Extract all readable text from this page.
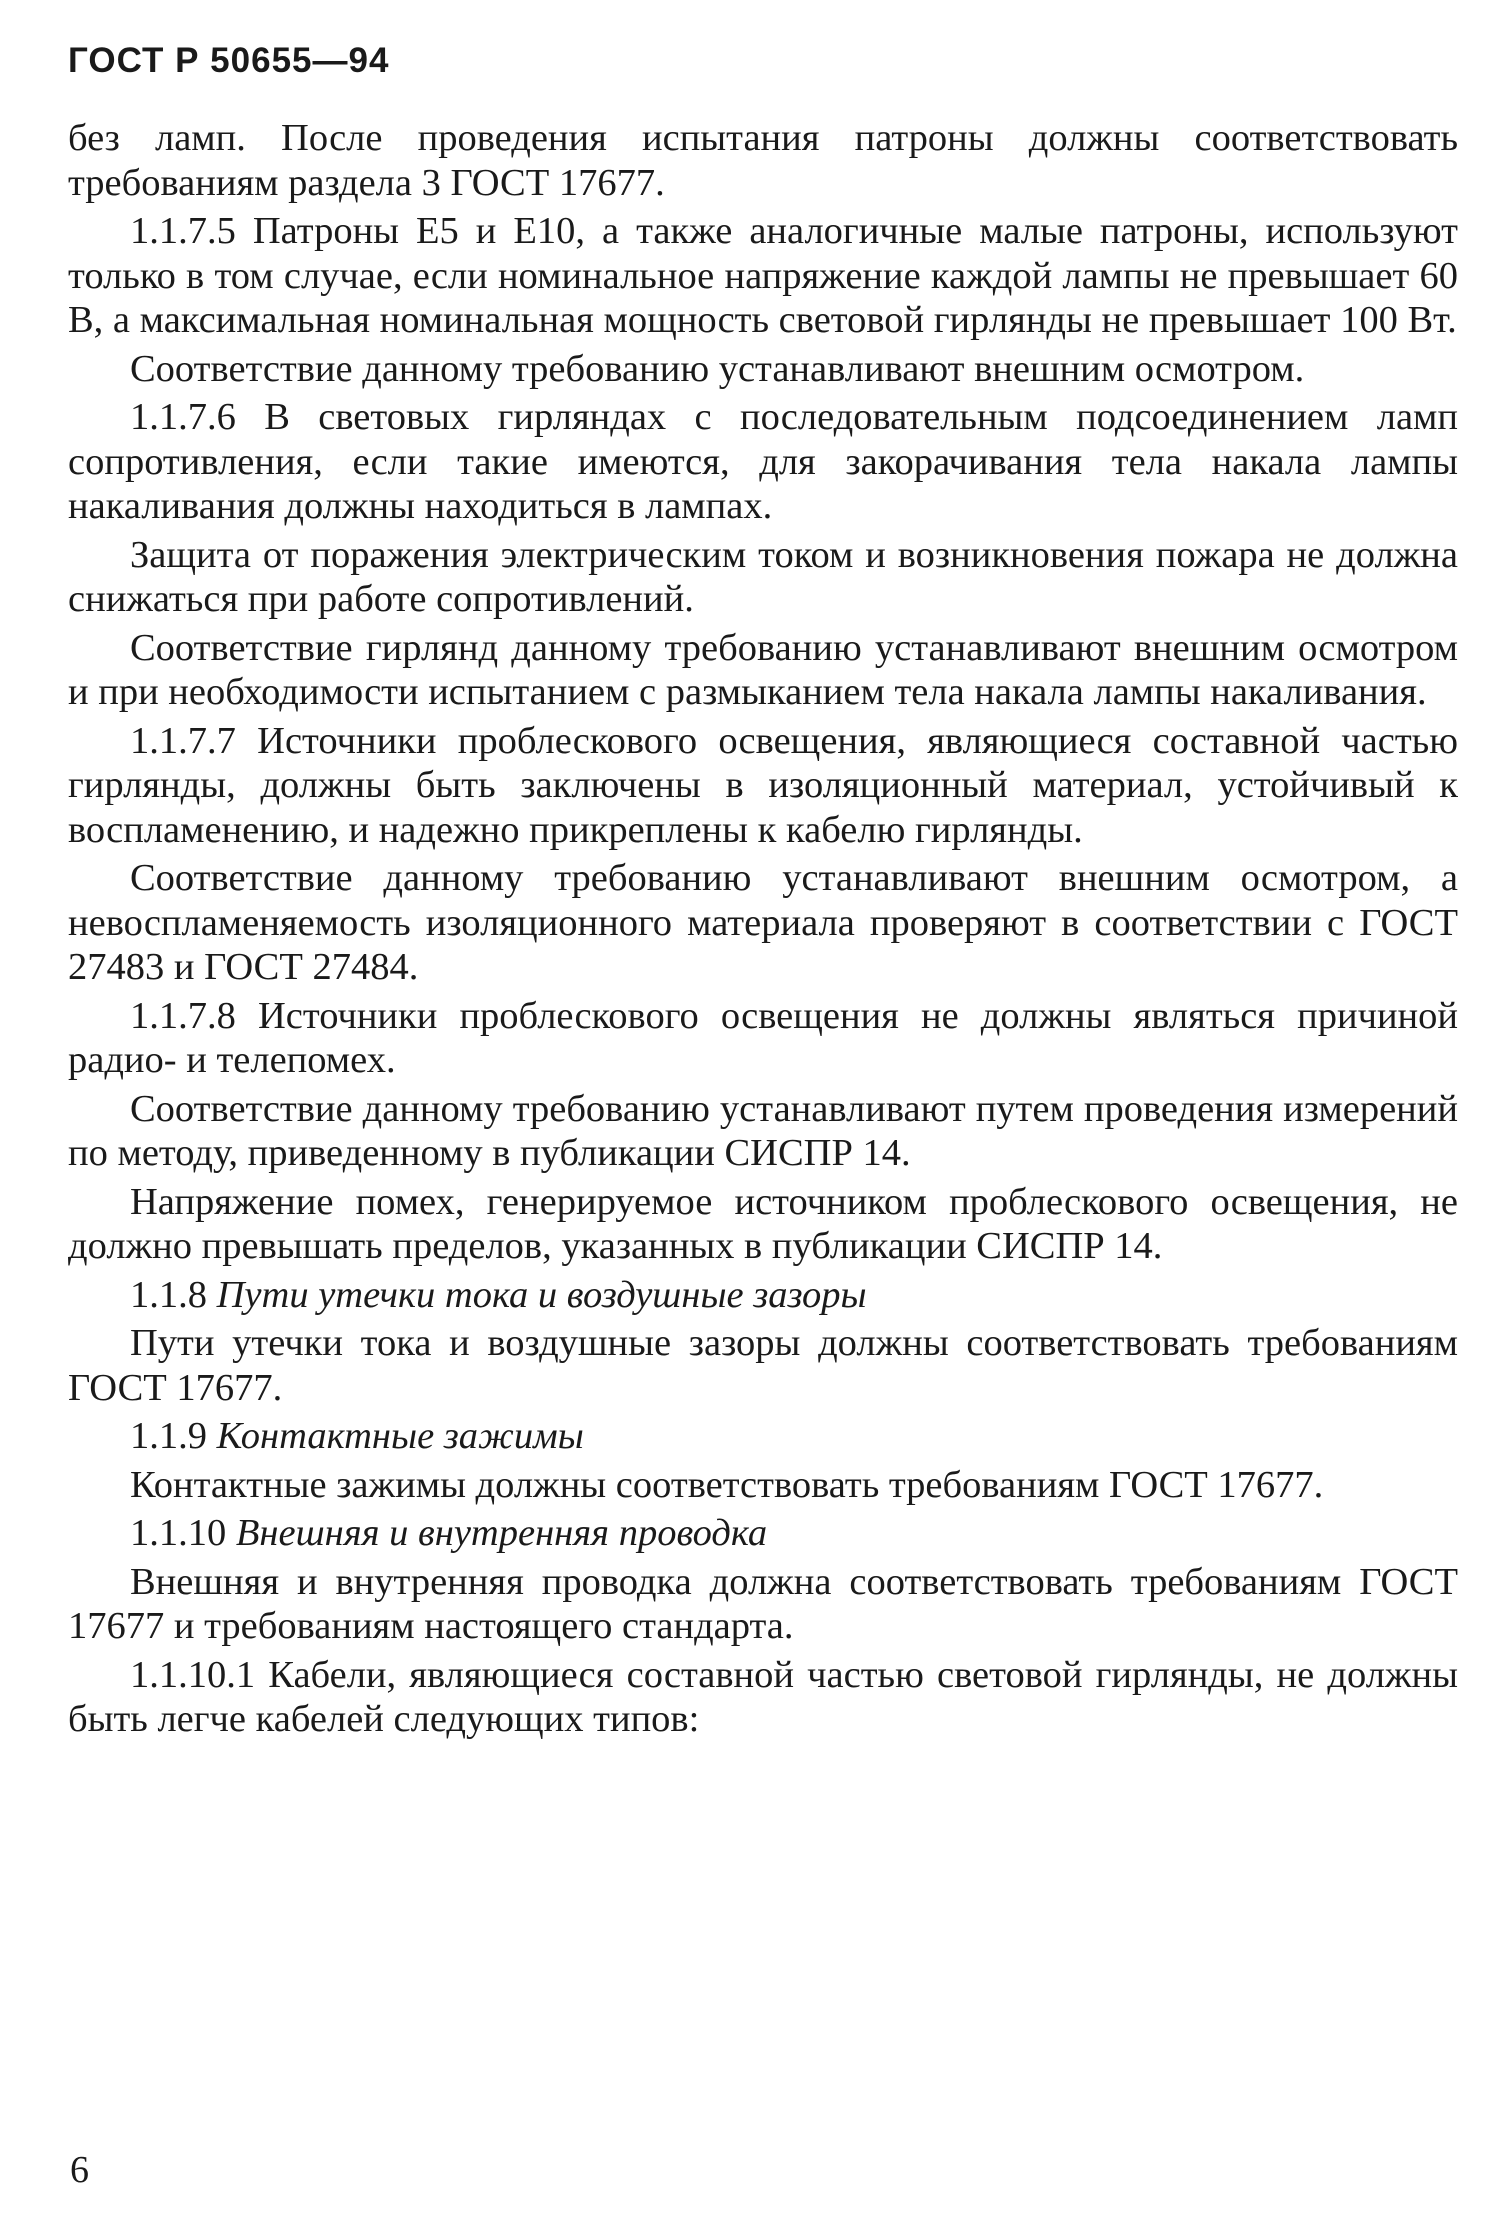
ГОСТ Р 50655—94

без ламп. После проведения испытания патроны должны соответствовать требованиям раздела 3 ГОСТ 17677.

1.1.7.5 Патроны Е5 и Е10, а также аналогичные малые патроны, используют только в том случае, если номинальное напряжение каждой лампы не превышает 60 В, а максимальная номинальная мощность световой гирлянды не превышает 100 Вт.

Соответствие данному требованию устанавливают внешним осмотром.

1.1.7.6 В световых гирляндах с последовательным подсоединением ламп сопротивления, если такие имеются, для закорачивания тела накала лампы накаливания должны находиться в лампах.

Защита от поражения электрическим током и возникновения пожара не должна снижаться при работе сопротивлений.

Соответствие гирлянд данному требованию устанавливают внешним осмотром и при необходимости испытанием с размыканием тела накала лампы накаливания.

1.1.7.7 Источники проблескового освещения, являющиеся составной частью гирлянды, должны быть заключены в изоляционный материал, устойчивый к воспламенению, и надежно прикреплены к кабелю гирлянды.

Соответствие данному требованию устанавливают внешним осмотром, а невоспламеняемость изоляционного материала проверяют в соответствии с ГОСТ 27483 и ГОСТ 27484.

1.1.7.8 Источники проблескового освещения не должны являться причиной радио- и телепомех.

Соответствие данному требованию устанавливают путем проведения измерений по методу, приведенному в публикации СИСПР 14.

Напряжение помех, генерируемое источником проблескового освещения, не должно превышать пределов, указанных в публикации СИСПР 14.

1.1.8 Пути утечки тока и воздушные зазоры

Пути утечки тока и воздушные зазоры должны соответствовать требованиям ГОСТ 17677.

1.1.9 Контактные зажимы

Контактные зажимы должны соответствовать требованиям ГОСТ 17677.

1.1.10 Внешняя и внутренняя проводка

Внешняя и внутренняя проводка должна соответствовать требованиям ГОСТ 17677 и требованиям настоящего стандарта.

1.1.10.1 Кабели, являющиеся составной частью световой гирлянды, не должны быть легче кабелей следующих типов:

6
